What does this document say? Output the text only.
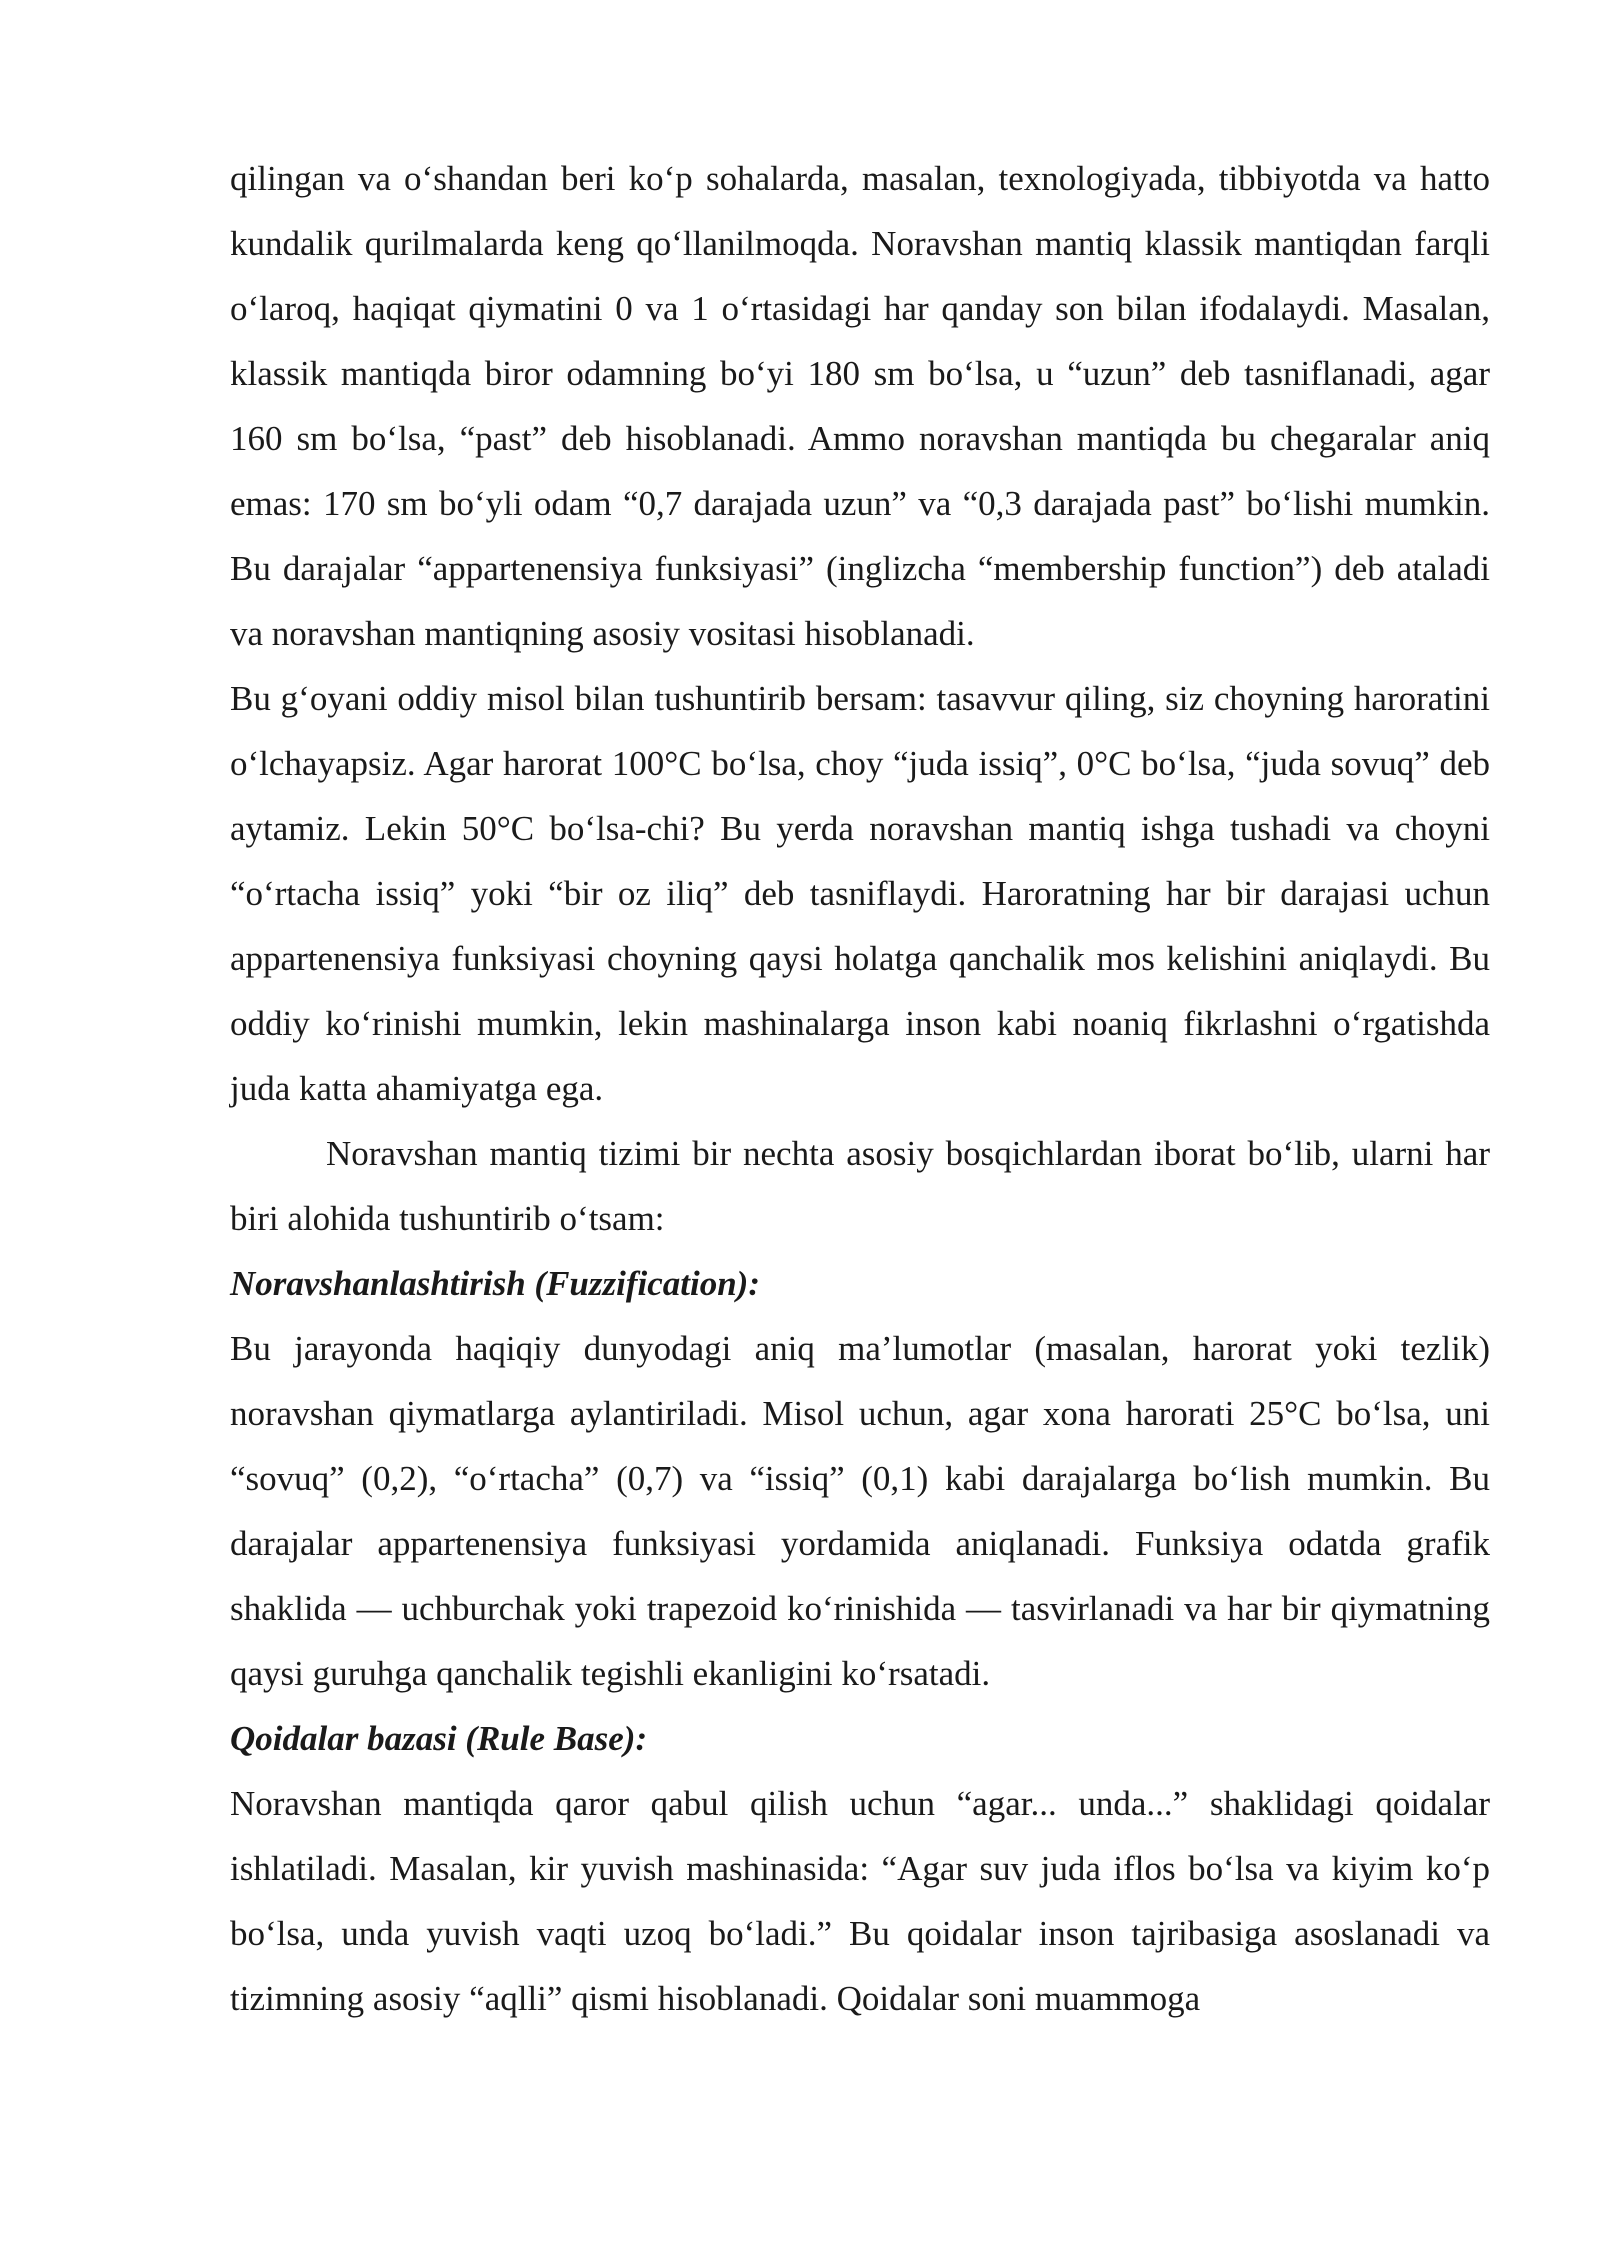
qilingan va o‘shandan beri ko‘p sohalarda, masalan, texnologiyada, tibbiyotda va hatto kundalik qurilmalarda keng qo‘llanilmoqda. Noravshan mantiq klassik mantiqdan farqli o‘laroq, haqiqat qiymatini 0 va 1 o‘rtasidagi har qanday son bilan ifodalaydi. Masalan, klassik mantiqda biror odamning bo‘yi 180 sm bo‘lsa, u “uzun” deb tasniflanadi, agar 160 sm bo‘lsa, “past” deb hisoblanadi. Ammo noravshan mantiqda bu chegaralar aniq emas: 170 sm bo‘yli odam “0,7 darajada uzun” va “0,3 darajada past” bo‘lishi mumkin. Bu darajalar “appartenensiya funksiyasi” (inglizcha “membership function”) deb ataladi va noravshan mantiqning asosiy vositasi hisoblanadi.

Bu g‘oyani oddiy misol bilan tushuntirib bersam: tasavvur qiling, siz choyning haroratini o‘lchayapsiz. Agar harorat 100°C bo‘lsa, choy “juda issiq”, 0°C bo‘lsa, “juda sovuq” deb aytamiz. Lekin 50°C bo‘lsa-chi? Bu yerda noravshan mantiq ishga tushadi va choyni “o‘rtacha issiq” yoki “bir oz iliq” deb tasniflaydi. Haroratning har bir darajasi uchun appartenensiya funksiyasi choyning qaysi holatga qanchalik mos kelishini aniqlaydi. Bu oddiy ko‘rinishi mumkin, lekin mashinalarga inson kabi noaniq fikrlashni o‘rgatishda juda katta ahamiyatga ega.

Noravshan mantiq tizimi bir nechta asosiy bosqichlardan iborat bo‘lib, ularni har biri alohida tushuntirib o‘tsam:

Noravshanlashtirish (Fuzzification):

Bu jarayonda haqiqiy dunyodagi aniq ma’lumotlar (masalan, harorat yoki tezlik) noravshan qiymatlarga aylantiriladi. Misol uchun, agar xona harorati 25°C bo‘lsa, uni “sovuq” (0,2), “o‘rtacha” (0,7) va “issiq” (0,1) kabi darajalarga bo‘lish mumkin. Bu darajalar appartenensiya funksiyasi yordamida aniqlanadi. Funksiya odatda grafik shaklida — uchburchak yoki trapezoid ko‘rinishida — tasvirlanadi va har bir qiymatning qaysi guruhga qanchalik tegishli ekanligini ko‘rsatadi.

Qoidalar bazasi (Rule Base):

Noravshan mantiqda qaror qabul qilish uchun “agar... unda...” shaklidagi qoidalar ishlatiladi. Masalan, kir yuvish mashinasida: “Agar suv juda iflos bo‘lsa va kiyim ko‘p bo‘lsa, unda yuvish vaqti uzoq bo‘ladi.” Bu qoidalar inson tajribasiga asoslanadi va tizimning asosiy “aqlli” qismi hisoblanadi. Qoidalar soni muammoga
